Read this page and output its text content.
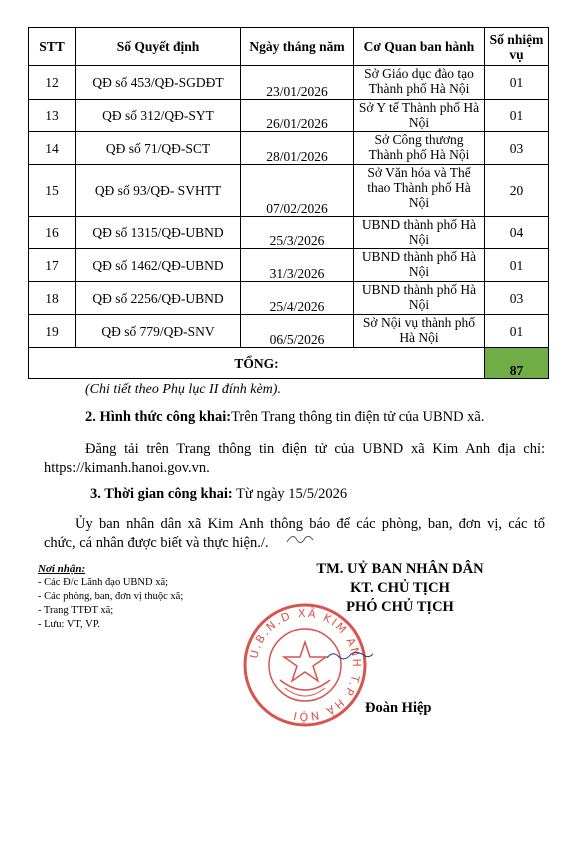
STT	Số Quyết định	Ngày tháng năm	Cơ Quan ban hành	Số nhiệm vụ
12	QĐ số 453/QĐ-SGDĐT	23/01/2026	Sở Giáo dục đào tạo Thành phố Hà Nội	01
13	QĐ số 312/QĐ-SYT	26/01/2026	Sở Y tế Thành phố Hà Nội	01
14	QĐ số 71/QĐ-SCT	28/01/2026	Sở Công thương Thành phố Hà Nội	03
15	QĐ số 93/QĐ- SVHTT	07/02/2026	Sở Văn hóa và Thể thao Thành phố Hà Nội	20
16	QĐ số 1315/QĐ-UBND	25/3/2026	UBND thành phố Hà Nội	04
17	QĐ số 1462/QĐ-UBND	31/3/2026	UBND thành phố Hà Nội	01
18	QĐ số 2256/QĐ-UBND	25/4/2026	UBND thành phố Hà Nội	03
19	QĐ số 779/QĐ-SNV	06/5/2026	Sở Nội vụ thành phố Hà Nội	01
TỔNG:				87
(Chi tiết theo Phụ lục II đính kèm).
2. Hình thức công khai:Trên Trang thông tin điện tử của UBND xã.
Đăng tải trên Trang thông tin điện tử của UBND xã Kim Anh địa chỉ:
https://kimanh.hanoi.gov.vn.
3. Thời gian công khai: Từ ngày 15/5/2026
Ủy ban nhân dân xã Kim Anh thông báo để các phòng, ban, đơn vị, các tổ
chức, cá nhân được biết và thực hiện./.
Nơi nhận:
- Các Đ/c Lãnh đạo UBND xã;
- Các phòng, ban, đơn vị thuộc xã;
- Trang TTĐT xã;
- Lưu: VT, VP.
TM. UỶ BAN NHÂN DÂN
KT. CHỦ TỊCH
PHÓ CHỦ TỊCH
U.B.N.D XÃ KIM ANH T.P HÀ NỘI	Đoàn Hiệp
